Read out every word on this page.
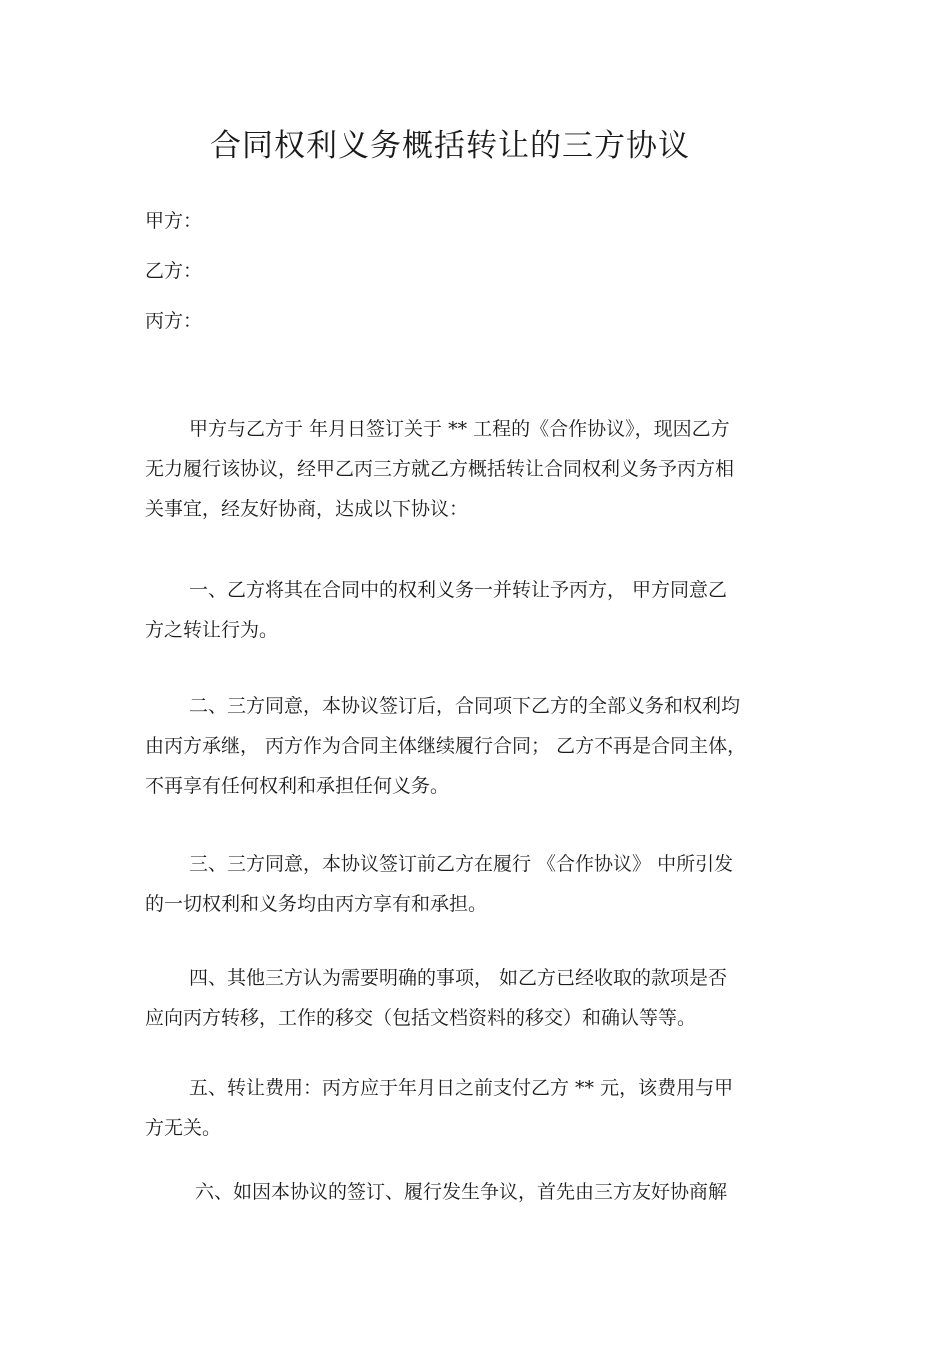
合同权利义务概括转让的三方协议
甲方：
乙方：
丙方：
甲方与乙方于 年月日签订关于 ** 工程的《合作协议》，现因乙方
无力履行该协议，经甲乙丙三方就乙方概括转让合同权利义务予丙方相
关事宜，经友好协商，达成以下协议：
一、乙方将其在合同中的权利义务一并转让予丙方， 甲方同意乙
方之转让行为。
二、三方同意，本协议签订后，合同项下乙方的全部义务和权利均
由丙方承继， 丙方作为合同主体继续履行合同； 乙方不再是合同主体，
不再享有任何权利和承担任何义务。
三、三方同意，本协议签订前乙方在履行 《合作协议》 中所引发
的一切权利和义务均由丙方享有和承担。
四、其他三方认为需要明确的事项， 如乙方已经收取的款项是否
应向丙方转移，工作的移交（包括文档资料的移交）和确认等等。
五、转让费用：丙方应于年月日之前支付乙方 ** 元，该费用与甲
方无关。
六、如因本协议的签订、履行发生争议，首先由三方友好协商解
